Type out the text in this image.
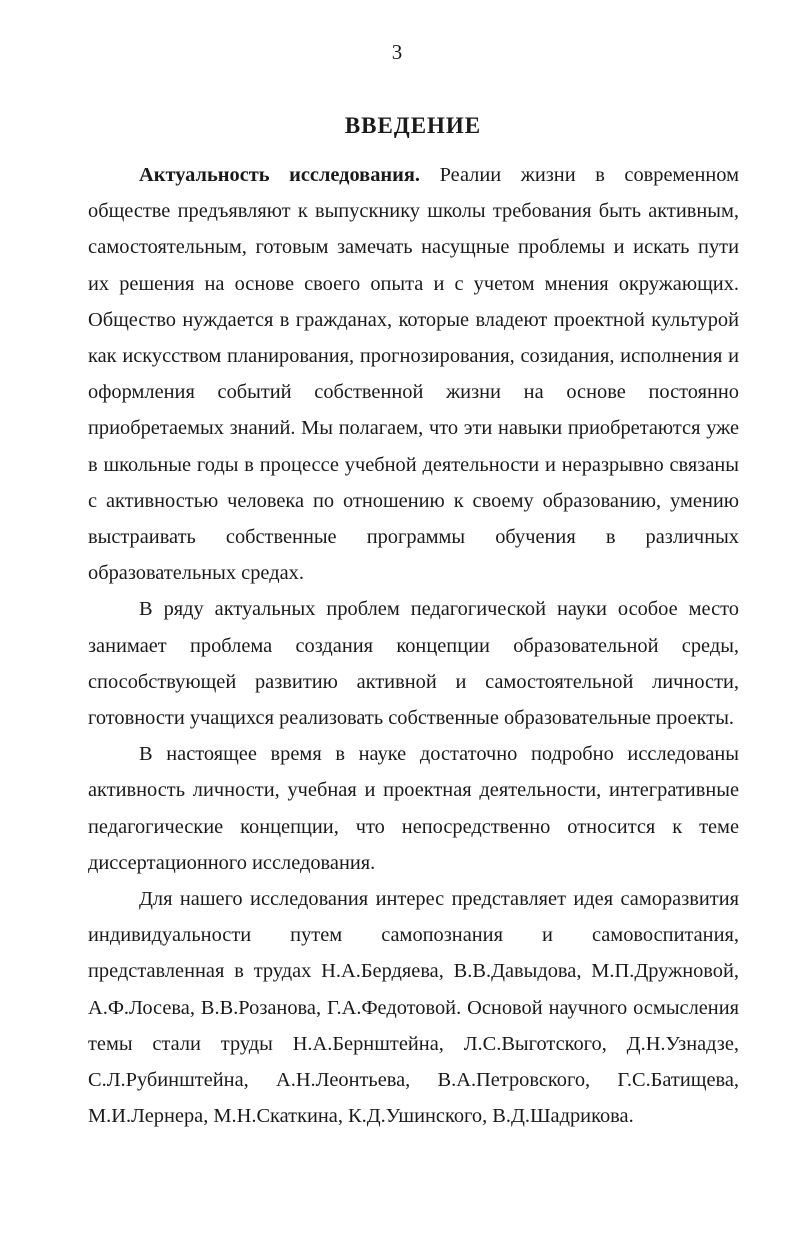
3
ВВЕДЕНИЕ

Актуальность исследования. Реалии жизни в современном обществе предъявляют к выпускнику школы требования быть активным, самостоятельным, готовым замечать насущные проблемы и искать пути их решения на основе своего опыта и с учетом мнения окружающих. Общество нуждается в гражданах, которые владеют проектной культурой как искусством планирования, прогнозирования, созидания, исполнения и оформления событий собственной жизни на основе постоянно приобретаемых знаний. Мы полагаем, что эти навыки приобретаются уже в школьные годы в процессе учебной деятельности и неразрывно связаны с активностью человека по отношению к своему образованию, умению выстраивать собственные программы обучения в различных образовательных средах.

В ряду актуальных проблем педагогической науки особое место занимает проблема создания концепции образовательной среды, способствующей развитию активной и самостоятельной личности, готовности учащихся реализовать собственные образовательные проекты.

В настоящее время в науке достаточно подробно исследованы активность личности, учебная и проектная деятельности, интегративные педагогические концепции, что непосредственно относится к теме диссертационного исследования.

Для нашего исследования интерес представляет идея саморазвития индивидуальности путем самопознания и самовоспитания, представленная в трудах Н.А.Бердяева, В.В.Давыдова, М.П.Дружновой, А.Ф.Лосева, В.В.Розанова, Г.А.Федотовой. Основой научного осмысления темы стали труды Н.А.Бернштейна, Л.С.Выготского, Д.Н.Узнадзе, С.Л.Рубинштейна, А.Н.Леонтьева, В.А.Петровского, Г.С.Батищева, М.И.Лернера, М.Н.Скаткина, К.Д.Ушинского, В.Д.Шадрикова.
